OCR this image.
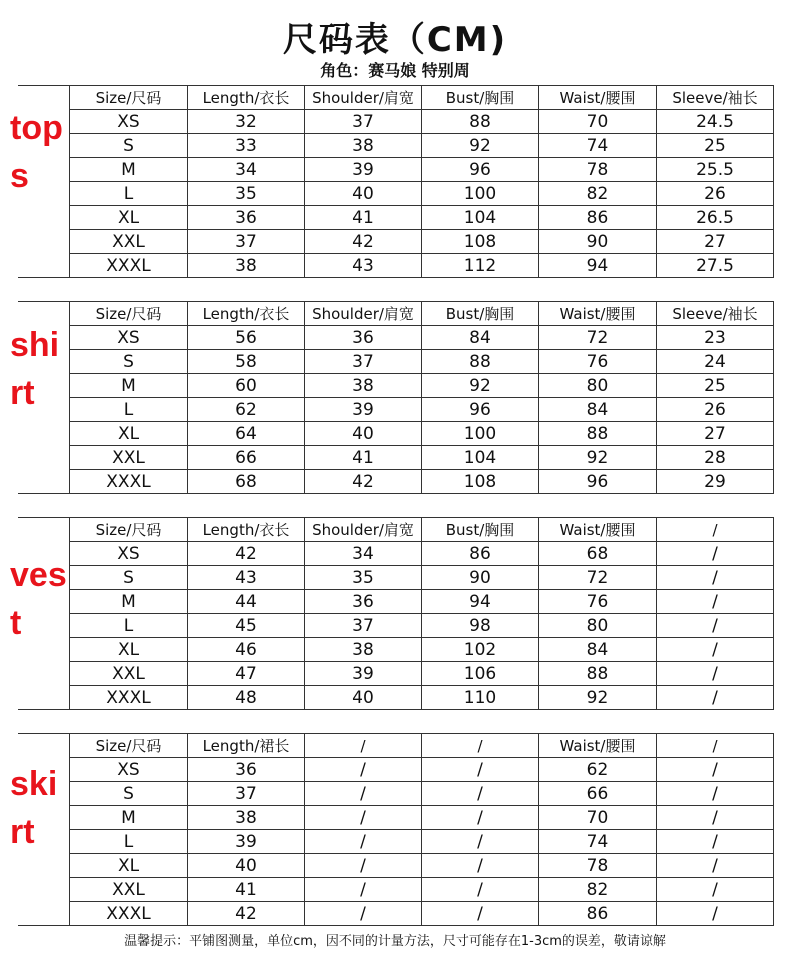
尺码表（CM)
角色：赛马娘 特别周
tops
Size/尺码	Length/衣长	Shoulder/肩宽	Bust/胸围	Waist/腰围	Sleeve/袖长
XS	32	37	88	70	24.5
S	33	38	92	74	25
M	34	39	96	78	25.5
L	35	40	100	82	26
XL	36	41	104	86	26.5
XXL	37	42	108	90	27
XXXL	38	43	112	94	27.5
shirt
Size/尺码	Length/衣长	Shoulder/肩宽	Bust/胸围	Waist/腰围	Sleeve/袖长
XS	56	36	84	72	23
S	58	37	88	76	24
M	60	38	92	80	25
L	62	39	96	84	26
XL	64	40	100	88	27
XXL	66	41	104	92	28
XXXL	68	42	108	96	29
vest
Size/尺码	Length/衣长	Shoulder/肩宽	Bust/胸围	Waist/腰围	/
XS	42	34	86	68	/
S	43	35	90	72	/
M	44	36	94	76	/
L	45	37	98	80	/
XL	46	38	102	84	/
XXL	47	39	106	88	/
XXXL	48	40	110	92	/
skirt
Size/尺码	Length/裙长	/	/	Waist/腰围	/
XS	36	/	/	62	/
S	37	/	/	66	/
M	38	/	/	70	/
L	39	/	/	74	/
XL	40	/	/	78	/
XXL	41	/	/	82	/
XXXL	42	/	/	86	/
温馨提示：平铺图测量，单位cm，因不同的计量方法，尺寸可能存在1-3cm的误差，敬请谅解
